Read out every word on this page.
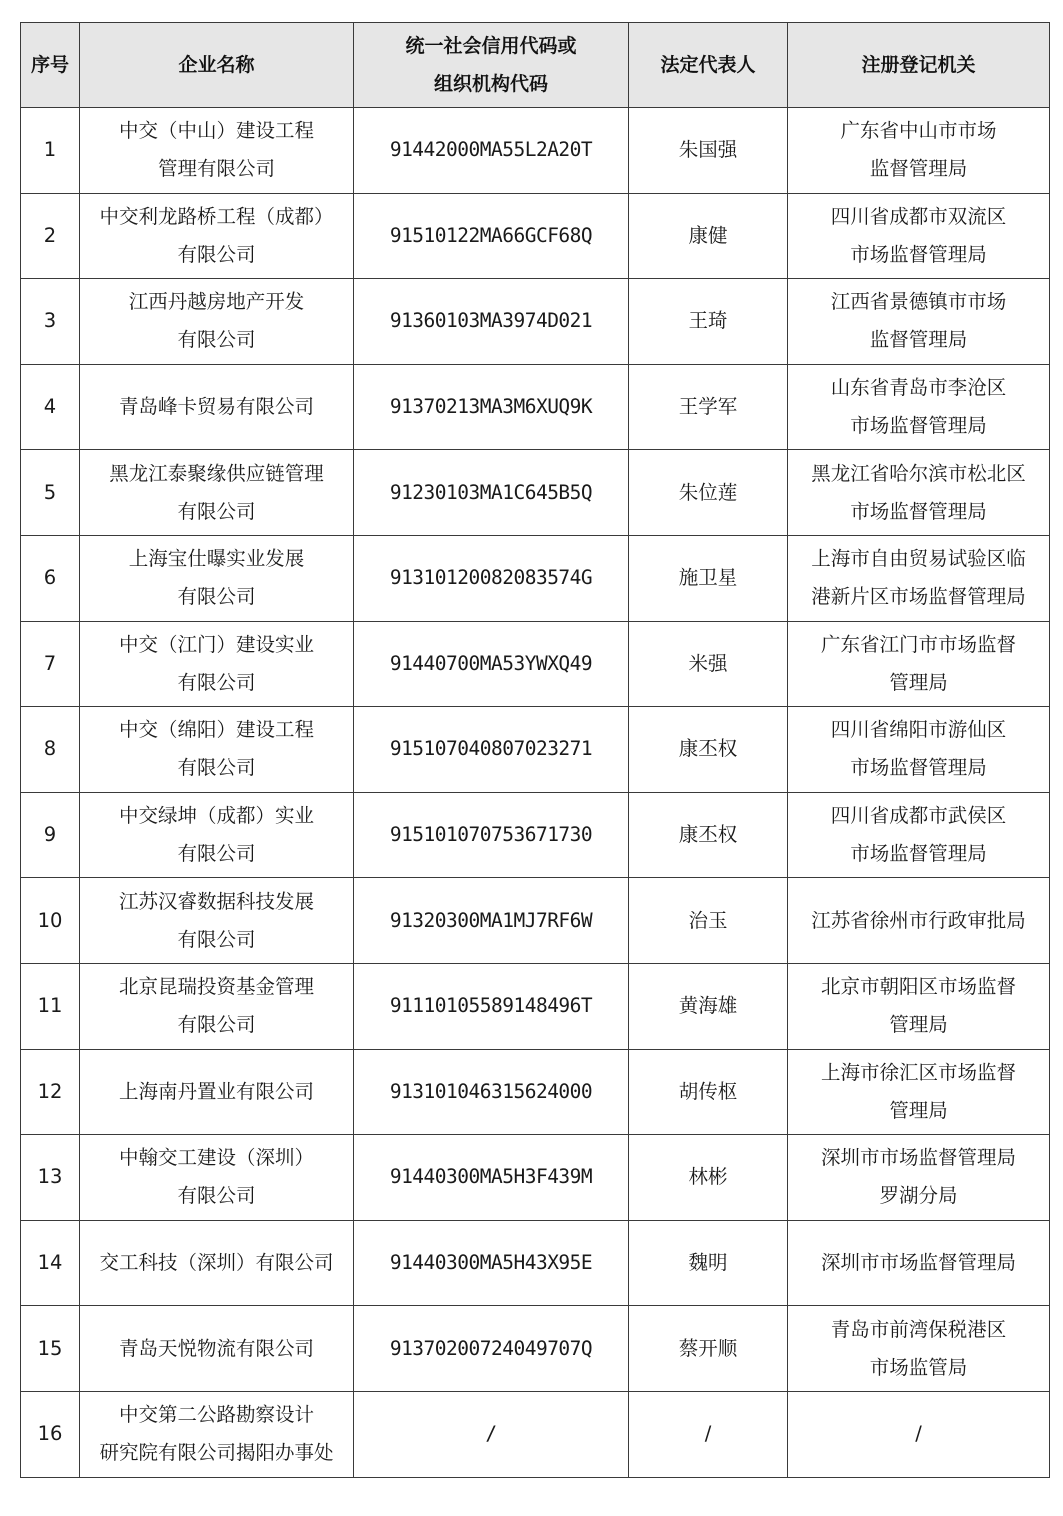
序号	企业名称	统一社会信用代码或
组织机构代码	法定代表人	注册登记机关
1	中交（中山）建设工程
管理有限公司	91442000MA55L2A20T	朱国强	广东省中山市市场
监督管理局

2	中交利龙路桥工程（成都）
有限公司	91510122MA66GCF68Q	康健	四川省成都市双流区
市场监督管理局

3	江西丹越房地产开发
有限公司	91360103MA3974D021	王琦	江西省景德镇市市场
监督管理局

4	青岛峰卡贸易有限公司	91370213MA3M6XUQ9K	王学军	山东省青岛市李沧区
市场监督管理局

5	黑龙江泰聚缘供应链管理
有限公司	91230103MA1C645B5Q	朱位莲	黑龙江省哈尔滨市松北区
市场监督管理局

6	上海宝仕曝实业发展
有限公司	91310120082083574G	施卫星	上海市自由贸易试验区临
港新片区市场监督管理局

7	中交（江门）建设实业
有限公司	91440700MA53YWXQ49	米强	广东省江门市市场监督
管理局

8	中交（绵阳）建设工程
有限公司	915107040807023271	康丕权	四川省绵阳市游仙区
市场监督管理局

9	中交绿坤（成都）实业
有限公司	915101070753671730	康丕权	四川省成都市武侯区
市场监督管理局

10	江苏汉睿数据科技发展
有限公司	91320300MA1MJ7RF6W	治玉	江苏省徐州市行政审批局

11	北京昆瑞投资基金管理
有限公司	91110105589148496T	黄海雄	北京市朝阳区市场监督
管理局

12	上海南丹置业有限公司	913101046315624000	胡传枢	上海市徐汇区市场监督
管理局

13	中翰交工建设（深圳）
有限公司	91440300MA5H3F439M	林彬	深圳市市场监督管理局
罗湖分局

14	交工科技（深圳）有限公司	91440300MA5H43X95E	魏明	深圳市市场监督管理局

15	青岛天悦物流有限公司	91370200724049707Q	蔡开顺	青岛市前湾保税港区
市场监管局

16	中交第二公路勘察设计
研究院有限公司揭阳办事处	/	/	/
